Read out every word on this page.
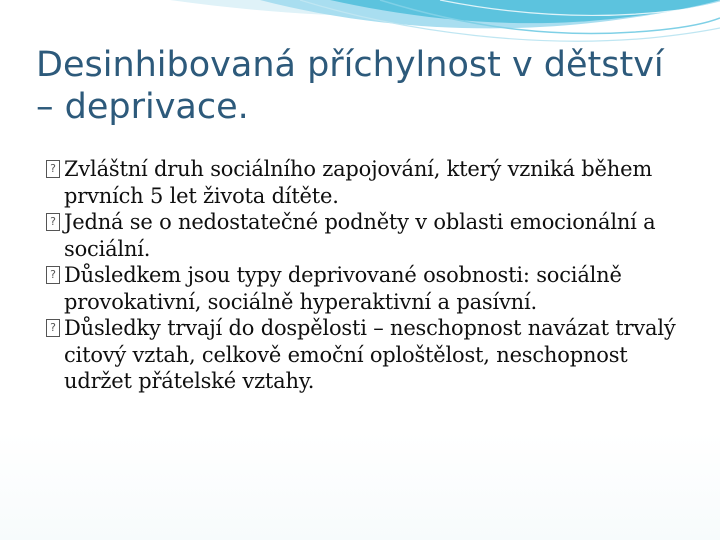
Desinhibovaná příchylnost v dětství – deprivace.
?
Zvláštní druh sociálního zapojování, který vzniká během prvních 5 let života dítěte.
?
Jedná se o nedostatečné podněty v oblasti emocionální a sociální.
?
Důsledkem jsou typy deprivované osobnosti: sociálně provokativní, sociálně hyperaktivní a pasívní.
?
Důsledky trvají do dospělosti – neschopnost navázat trvalý citový vztah, celkově emoční oploštělost, neschopnost udržet přátelské vztahy.
